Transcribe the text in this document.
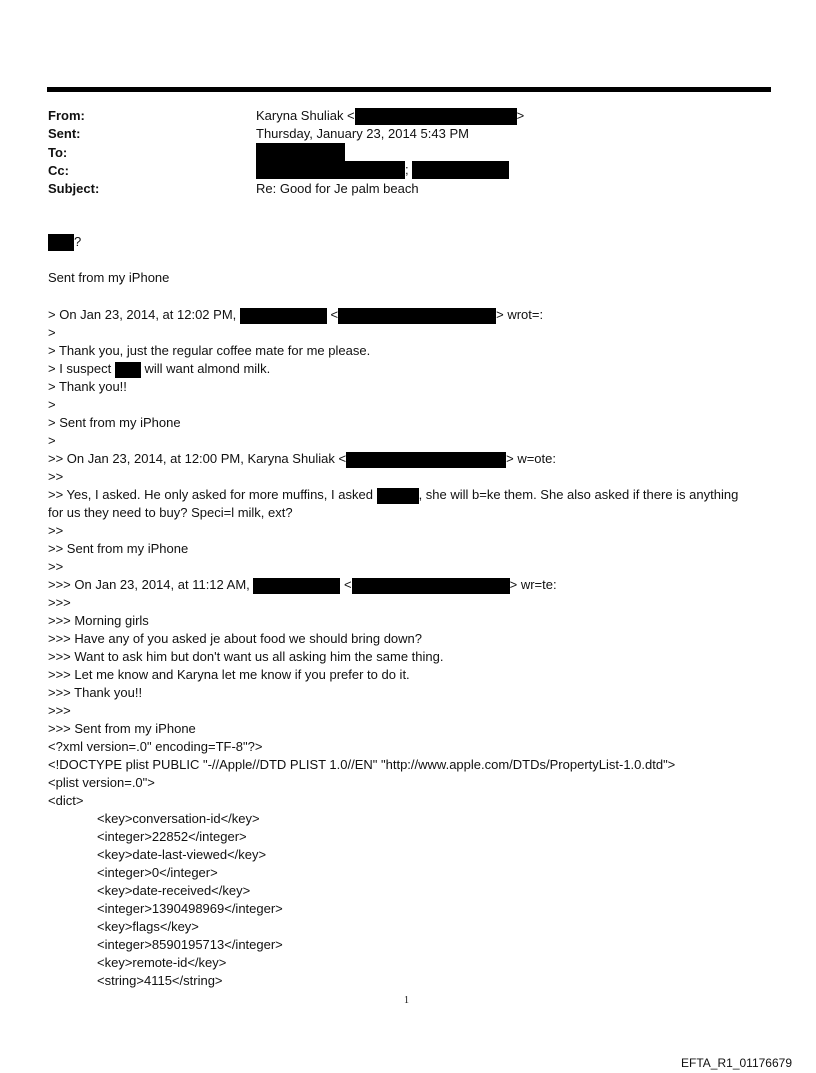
From:	Karyna Shuliak <	>
Sent:	Thursday, January 23, 2014 5:43 PM
To:
Cc:	;
Subject:	Re: Good for Je palm beach
?
Sent from my iPhone
> On Jan 23, 2014, at 12:02 PM,	<	> wrot=:
>
> Thank you, just the regular coffee mate for me please.
> I suspect	will want almond milk.
> Thank you!!
>
> Sent from my iPhone
>
>> On Jan 23, 2014, at 12:00 PM, Karyna Shuliak <	> w=ote:
>>
>> Yes, I asked. He only asked for more muffins, I asked	, she will b=ke them. She also asked if there is anything
for us they need to buy? Speci=l milk, ext?
>>
>> Sent from my iPhone
>>
>>> On Jan 23, 2014, at 11:12 AM,	<	> wr=te:
>>>
>>> Morning girls
>>> Have any of you asked je about food we should bring down?
>>> Want to ask him but don't want us all asking him the same thing.
>>> Let me know and Karyna let me know if you prefer to do it.
>>> Thank you!!
>>>
>>> Sent from my iPhone
<?xml version=.0" encoding=TF-8"?>
<!DOCTYPE plist PUBLIC "-//Apple//DTD PLIST 1.0//EN" "http://www.apple.com/DTDs/PropertyList-1.0.dtd">
<plist version=.0">
<dict>
<key>conversation-id</key>
<integer>22852</integer>
<key>date-last-viewed</key>
<integer>0</integer>
<key>date-received</key>
<integer>1390498969</integer>
<key>flags</key>
<integer>8590195713</integer>
<key>remote-id</key>
<string>4115</string>
1
EFTA_R1_01176679
